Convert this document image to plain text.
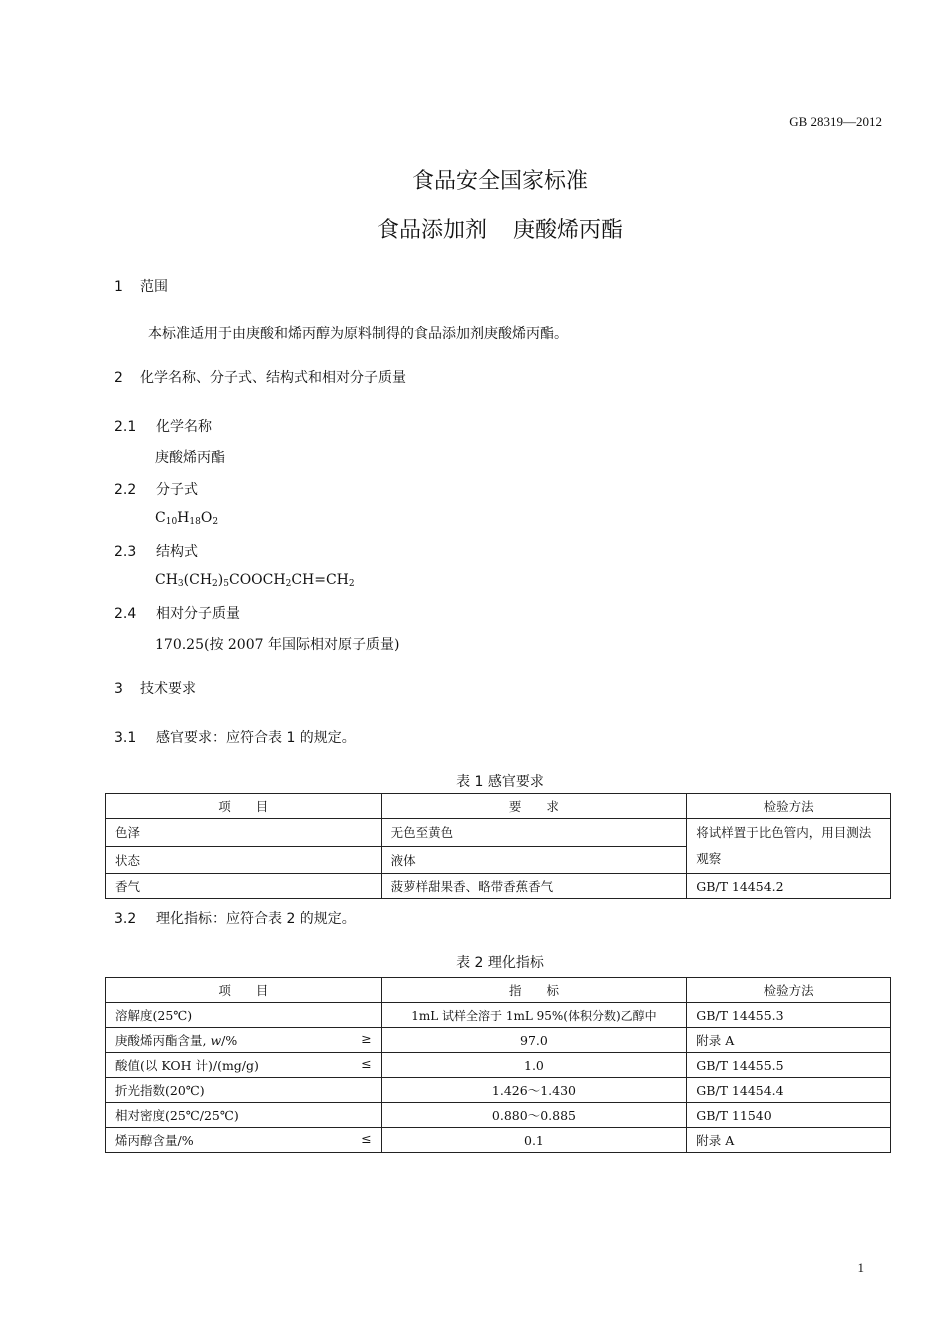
GB 28319—2012
食品安全国家标准
食品添加剂 庚酸烯丙酯
1 范围
本标准适用于由庚酸和烯丙醇为原料制得的食品添加剂庚酸烯丙酯。
2 化学名称、分子式、结构式和相对分子质量
2.1 化学名称
庚酸烯丙酯
2.2 分子式
$C_{10}H_{18}O_2$
2.3 结构式
$CH_3(CH_2)_5COOCH_2CH=CH_2$
2.4 相对分子质量
170.25(按 2007 年国际相对原子质量)
3 技术要求
3.1 感官要求：应符合表 1 的规定。
表 1 感官要求
项　　目	要　　求	检验方法
色泽	无色至黄色	将试样置于比色管内，用目测法观察
状态	液体	
香气	菠萝样甜果香、略带香蕉香气	GB/T 14454.2
3.2 理化指标：应符合表 2 的规定。
表 2 理化指标
项　　目	指　　标	检验方法

溶解度(25℃)	1mL 试样全溶于 1mL 95%(体积分数)乙醇中	GB/T 14455.3

庚酸烯丙酯含量, w/% ≥	97.0	附录 A

酸值(以 KOH 计)/(mg/g) ≤	1.0	GB/T 14455.5

折光指数(20℃)	1.426～1.430	GB/T 14454.4

相对密度(25℃/25℃)	0.880～0.885	GB/T 11540

烯丙醇含量/% ≤	0.1	附录 A
1
